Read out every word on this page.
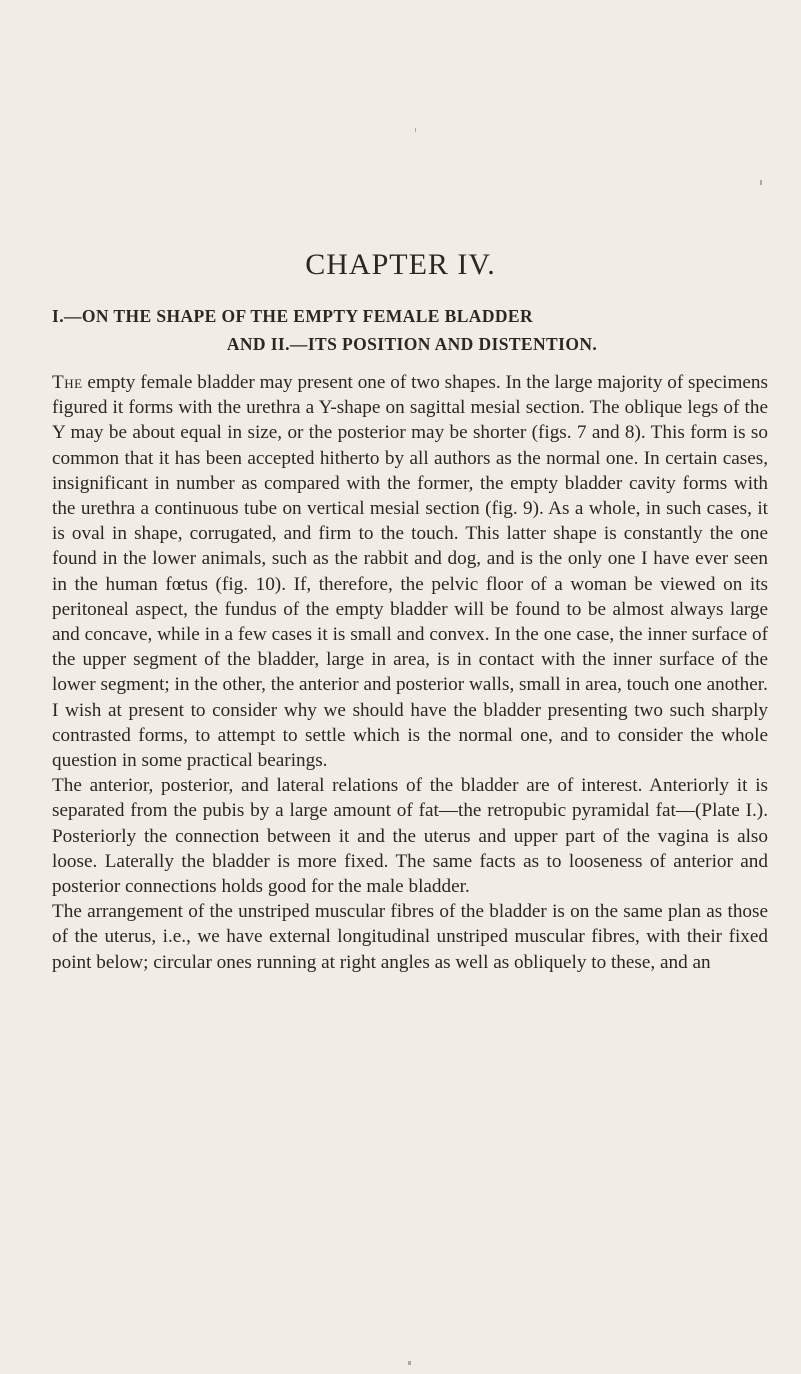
CHAPTER IV.
I.—ON THE SHAPE OF THE EMPTY FEMALE BLADDER
AND II.—ITS POSITION AND DISTENTION.

The empty female bladder may present one of two shapes. In the large majority of specimens figured it forms with the urethra a Y-shape on sagittal mesial section. The oblique legs of the Y may be about equal in size, or the posterior may be shorter (figs. 7 and 8). This form is so common that it has been accepted hitherto by all authors as the normal one. In certain cases, insignificant in number as compared with the former, the empty bladder cavity forms with the urethra a continuous tube on vertical mesial section (fig. 9). As a whole, in such cases, it is oval in shape, corrugated, and firm to the touch. This latter shape is constantly the one found in the lower animals, such as the rabbit and dog, and is the only one I have ever seen in the human fœtus (fig. 10). If, therefore, the pelvic floor of a woman be viewed on its peritoneal aspect, the fundus of the empty bladder will be found to be almost always large and concave, while in a few cases it is small and convex. In the one case, the inner surface of the upper segment of the bladder, large in area, is in contact with the inner surface of the lower segment; in the other, the anterior and posterior walls, small in area, touch one another.

I wish at present to consider why we should have the bladder presenting two such sharply contrasted forms, to attempt to settle which is the normal one, and to consider the whole question in some practical bearings.

The anterior, posterior, and lateral relations of the bladder are of interest. Anteriorly it is separated from the pubis by a large amount of fat—the retropubic pyramidal fat—(Plate I.). Posteriorly the connection between it and the uterus and upper part of the vagina is also loose. Laterally the bladder is more fixed. The same facts as to looseness of anterior and posterior connections holds good for the male bladder.

The arrangement of the unstriped muscular fibres of the bladder is on the same plan as those of the uterus, i.e., we have external longitudinal unstriped muscular fibres, with their fixed point below; circular ones running at right angles as well as obliquely to these, and an
